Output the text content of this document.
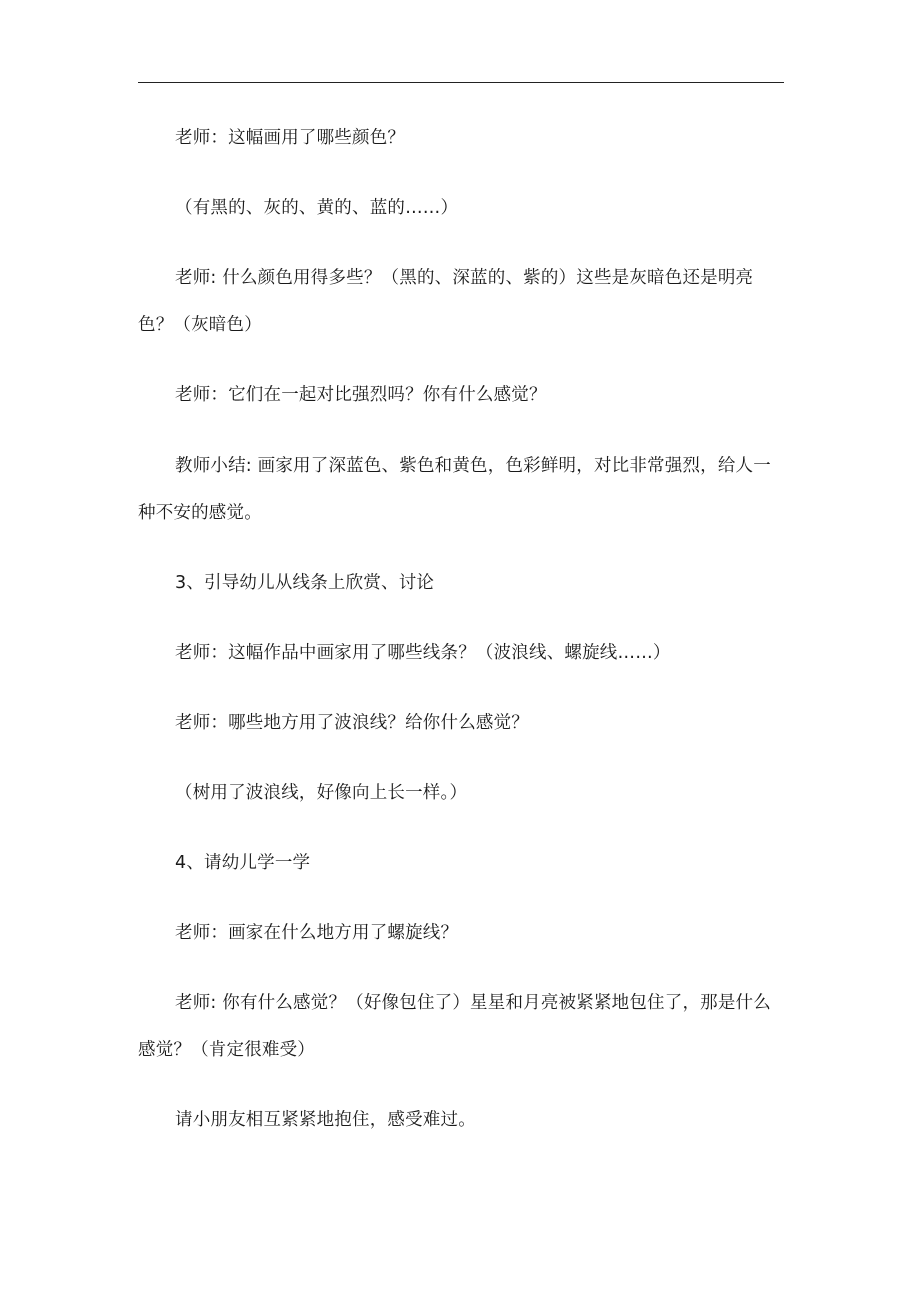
老师：这幅画用了哪些颜色？

（有黑的、灰的、黄的、蓝的……）

老师: 什么颜色用得多些？（黑的、深蓝的、紫的）这些是灰暗色还是明亮色？（灰暗色）

老师：它们在一起对比强烈吗？你有什么感觉？

教师小结: 画家用了深蓝色、紫色和黄色，色彩鲜明，对比非常强烈，给人一种不安的感觉。

3、引导幼儿从线条上欣赏、讨论

老师：这幅作品中画家用了哪些线条？（波浪线、螺旋线……）

老师：哪些地方用了波浪线？给你什么感觉？

（树用了波浪线，好像向上长一样。）

4、请幼儿学一学

老师：画家在什么地方用了螺旋线？

老师: 你有什么感觉？（好像包住了）星星和月亮被紧紧地包住了，那是什么感觉？（肯定很难受）

请小朋友相互紧紧地抱住，感受难过。
